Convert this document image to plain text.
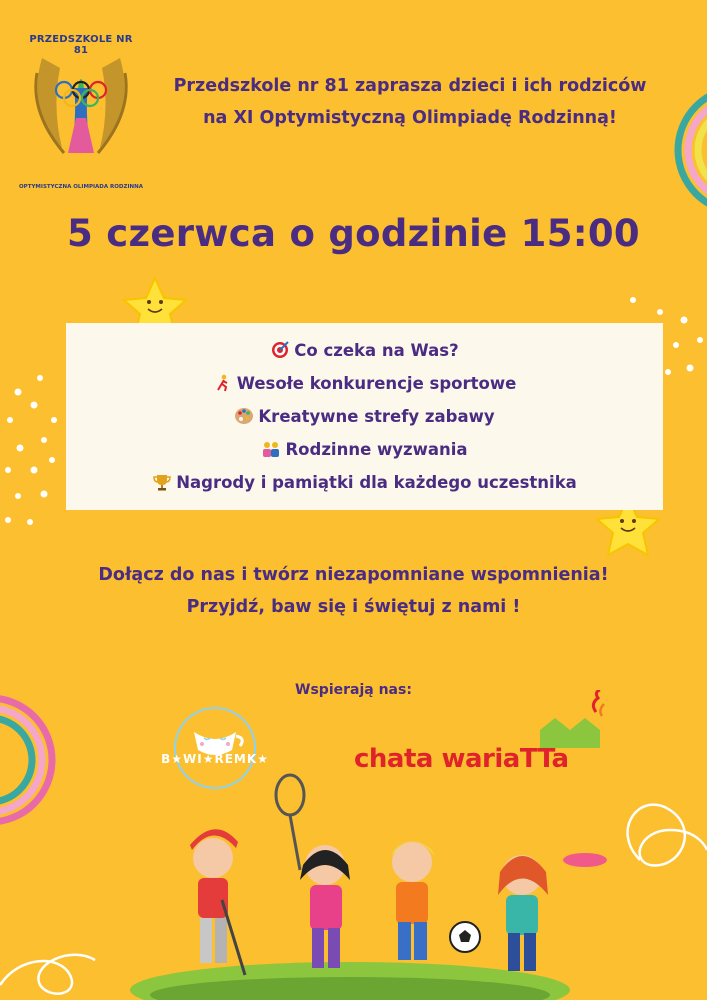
PRZEDSZKOLE NR 81
OPTYMISTYCZNA OLIMPIADA RODZINNA
Przedszkole nr 81 zaprasza dzieci i ich rodziców
na XI Optymistyczną Olimpiadę Rodzinną!
5 czerwca o godzinie 15:00
Co czeka na Was?
Wesołe konkurencje sportowe
Kreatywne strefy zabawy
Rodzinne wyzwania
Nagrody i pamiątki dla każdego uczestnika
Dołącz do nas i twórz niezapomniane wspomnienia!
Przyjdź, baw się i świętuj z nami !
Wspierają nas:
B★WI★REMK★	chata wariaTTa
